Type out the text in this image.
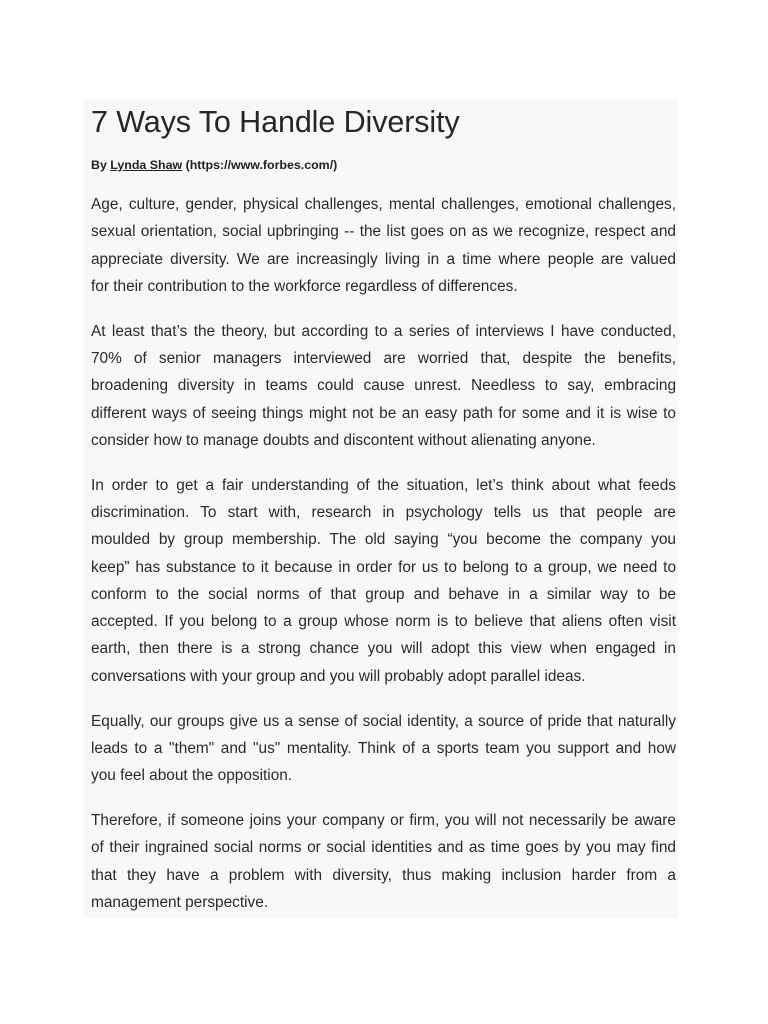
7 Ways To Handle Diversity

By Lynda Shaw (https://www.forbes.com/)

Age, culture, gender, physical challenges, mental challenges, emotional challenges,
sexual orientation, social upbringing -- the list goes on as we recognize, respect and
appreciate diversity. We are increasingly living in a time where people are valued
for their contribution to the workforce regardless of differences.

At least that’s the theory, but according to a series of interviews I have conducted,
70% of senior managers interviewed are worried that, despite the benefits,
broadening diversity in teams could cause unrest. Needless to say, embracing
different ways of seeing things might not be an easy path for some and it is wise to
consider how to manage doubts and discontent without alienating anyone.

In order to get a fair understanding of the situation, let’s think about what feeds
discrimination. To start with, research in psychology tells us that people are
moulded by group membership. The old saying “you become the company you
keep” has substance to it because in order for us to belong to a group, we need to
conform to the social norms of that group and behave in a similar way to be
accepted. If you belong to a group whose norm is to believe that aliens often visit
earth, then there is a strong chance you will adopt this view when engaged in
conversations with your group and you will probably adopt parallel ideas.

Equally, our groups give us a sense of social identity, a source of pride that naturally
leads to a "them" and "us" mentality. Think of a sports team you support and how
you feel about the opposition.

Therefore, if someone joins your company or firm, you will not necessarily be aware
of their ingrained social norms or social identities and as time goes by you may find
that they have a problem with diversity, thus making inclusion harder from a
management perspective.
